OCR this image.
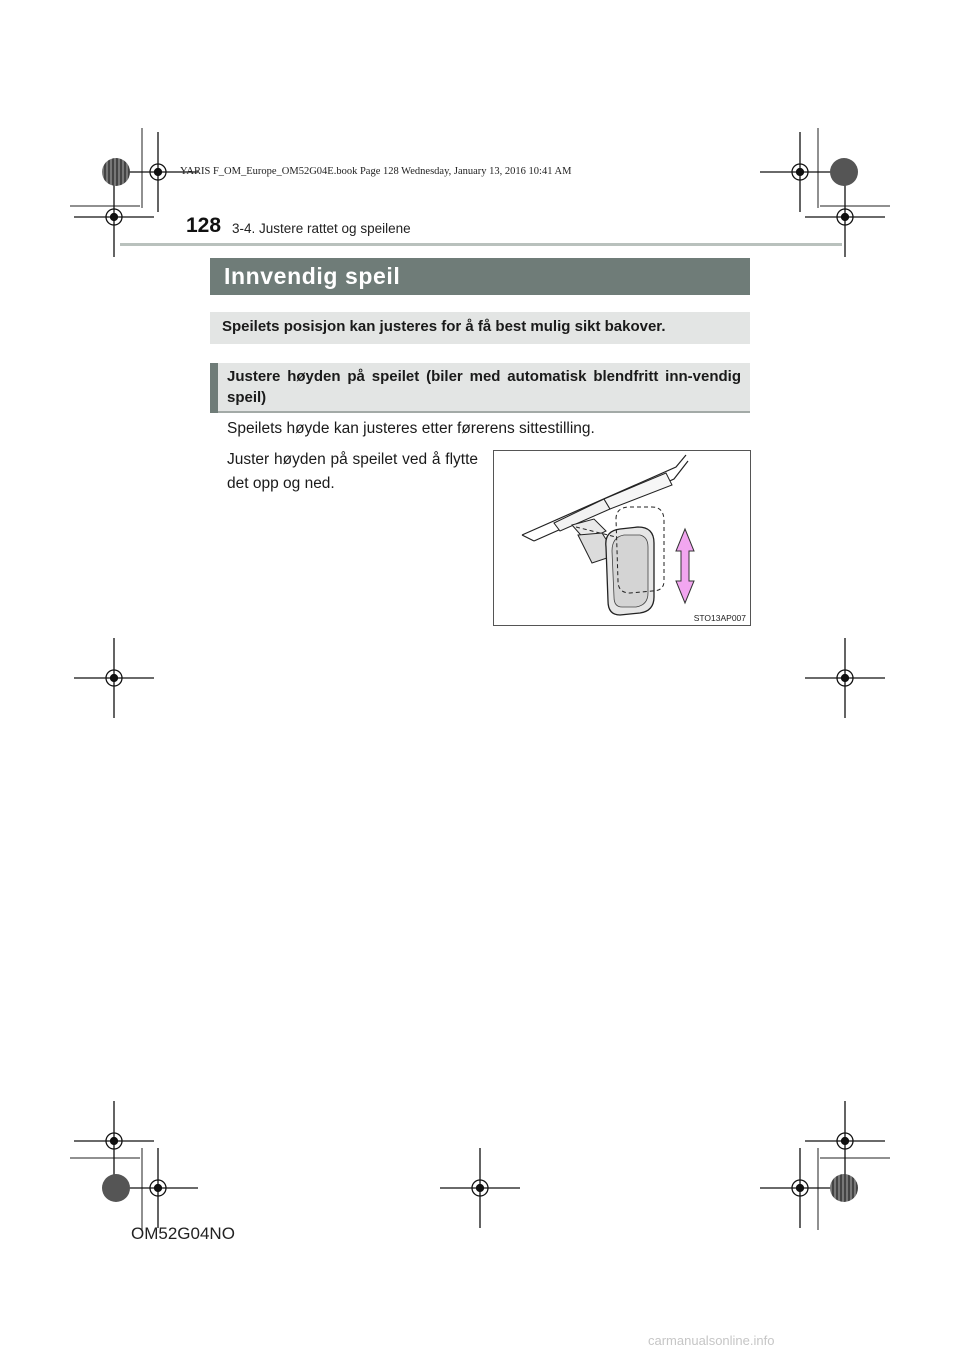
YARIS F_OM_Europe_OM52G04E.book Page 128 Wednesday, January 13, 2016 10:41 AM
128 3-4. Justere rattet og speilene
Innvendig speil
Speilets posisjon kan justeres for å få best mulig sikt bakover.
Justere høyden på speilet (biler med automatisk blendfritt inn-vendig speil)
Speilets høyde kan justeres etter førerens sittestilling.
Juster høyden på speilet ved å flytte det opp og ned.
STO13AP007
OM52G04NO
carmanualsonline.info
